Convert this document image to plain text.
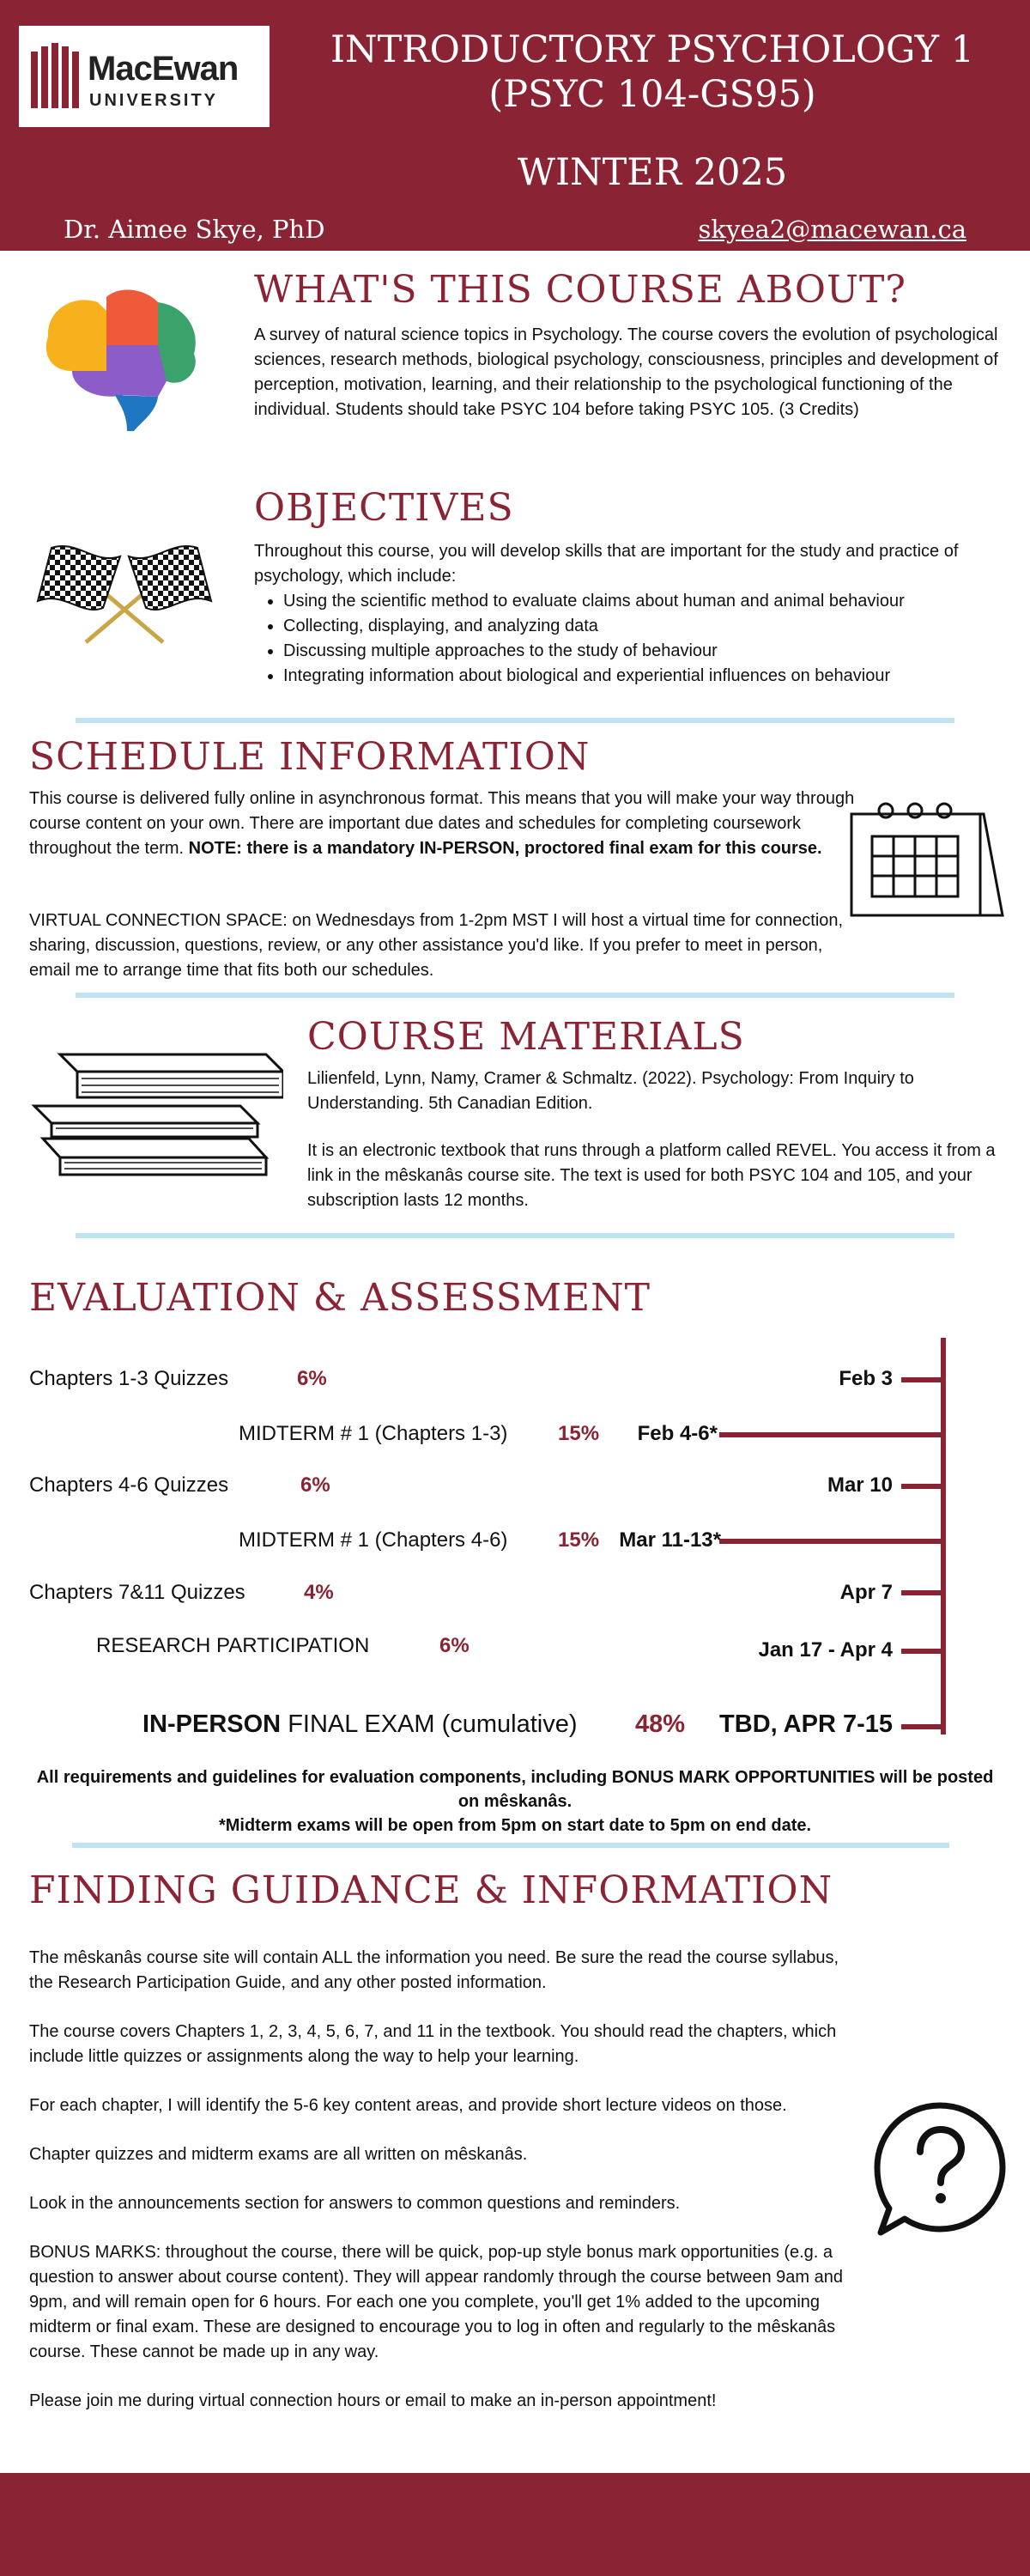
MacEwan
UNIVERSITY
INTRODUCTORY PSYCHOLOGY 1
(PSYC 104-GS95)
WINTER 2025
Dr. Aimee Skye, PhD	skyea2@macewan.ca
WHAT'S THIS COURSE ABOUT?
A survey of natural science topics in Psychology. The course covers the evolution of psychological sciences, research methods, biological psychology, consciousness, principles and development of perception, motivation, learning, and their relationship to the psychological functioning of the individual. Students should take PSYC 104 before taking PSYC 105. (3 Credits)
OBJECTIVES
Throughout this course, you will develop skills that are important for the study and practice of psychology, which include:
• Using the scientific method to evaluate claims about human and animal behaviour
• Collecting, displaying, and analyzing data
• Discussing multiple approaches to the study of behaviour
• Integrating information about biological and experiential influences on behaviour
SCHEDULE INFORMATION
This course is delivered fully online in asynchronous format. This means that you will make your way through course content on your own. There are important due dates and schedules for completing coursework throughout the term. NOTE: there is a mandatory IN-PERSON, proctored final exam for this course.
VIRTUAL CONNECTION SPACE: on Wednesdays from 1-2pm MST I will host a virtual time for connection, sharing, discussion, questions, review, or any other assistance you'd like. If you prefer to meet in person, email me to arrange time that fits both our schedules.
COURSE MATERIALS
Lilienfeld, Lynn, Namy, Cramer & Schmaltz. (2022). Psychology: From Inquiry to Understanding. 5th Canadian Edition.
It is an electronic textbook that runs through a platform called REVEL. You access it from a link in the mêskanâs course site. The text is used for both PSYC 104 and 105, and your subscription lasts 12 months.
EVALUATION & ASSESSMENT
Chapters 1-3 Quizzes	6%	Feb 3
MIDTERM # 1 (Chapters 1-3) 15%	Feb 4-6*
Chapters 4-6 Quizzes	6%	Mar 10
MIDTERM # 1 (Chapters 4-6) 15% Mar 11-13*
Chapters 7&11 Quizzes	4%	Apr 7
RESEARCH PARTICIPATION	6%	Jan 17 - Apr 4
IN-PERSON FINAL EXAM (cumulative) 48%	TBD, APR 7-15
All requirements and guidelines for evaluation components, including BONUS MARK OPPORTUNITIES will be posted on mêskanâs.
*Midterm exams will be open from 5pm on start date to 5pm on end date.
FINDING GUIDANCE & INFORMATION

The mêskanâs course site will contain ALL the information you need. Be sure the read the course syllabus, the Research Participation Guide, and any other posted information.

The course covers Chapters 1, 2, 3, 4, 5, 6, 7, and 11 in the textbook. You should read the chapters, which include little quizzes or assignments along the way to help your learning.

For each chapter, I will identify the 5-6 key content areas, and provide short lecture videos on those.

Chapter quizzes and midterm exams are all written on mêskanâs.

Look in the announcements section for answers to common questions and reminders.

BONUS MARKS: throughout the course, there will be quick, pop-up style bonus mark opportunities (e.g. a question to answer about course content). They will appear randomly through the course between 9am and 9pm, and will remain open for 6 hours. For each one you complete, you'll get 1% added to the upcoming midterm or final exam. These are designed to encourage you to log in often and regularly to the mêskanâs course. These cannot be made up in any way.

Please join me during virtual connection hours or email to make an in-person appointment!
